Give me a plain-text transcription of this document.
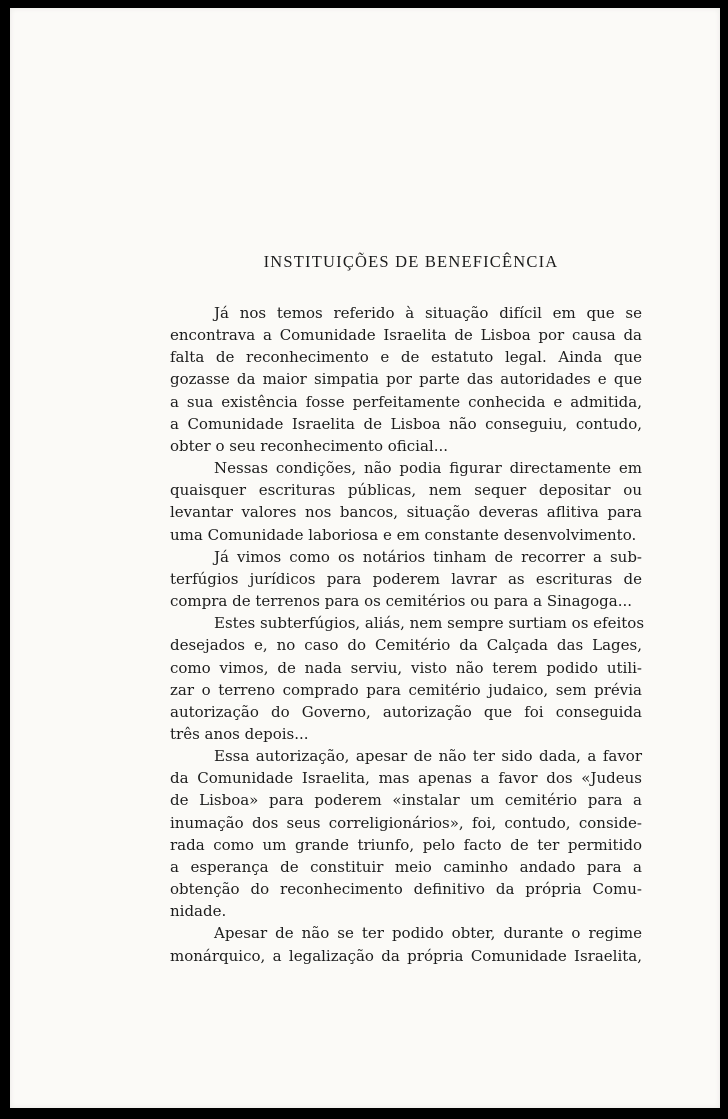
INSTITUIÇÕES DE BENEFICÊNCIA

Já nos temos referido à situação difícil em que se
encontrava a Comunidade Israelita de Lisboa por causa da
falta de reconhecimento e de estatuto legal. Ainda que
gozasse da maior simpatia por parte das autoridades e que
a sua existência fosse perfeitamente conhecida e admitida,
a Comunidade Israelita de Lisboa não conseguiu, contudo,
obter o seu reconhecimento oficial...

Nessas condições, não podia figurar directamente em
quaisquer escrituras públicas, nem sequer depositar ou
levantar valores nos bancos, situação deveras aflitiva para
uma Comunidade laboriosa e em constante desenvolvimento.

Já vimos como os notários tinham de recorrer a sub-
terfúgios jurídicos para poderem lavrar as escrituras de
compra de terrenos para os cemitérios ou para a Sinagoga...

Estes subterfúgios, aliás, nem sempre surtiam os efeitos
desejados e, no caso do Cemitério da Calçada das Lages,
como vimos, de nada serviu, visto não terem podido utili-
zar o terreno comprado para cemitério judaico, sem prévia
autorização do Governo, autorização que foi conseguida
três anos depois...

Essa autorização, apesar de não ter sido dada, a favor
da Comunidade Israelita, mas apenas a favor dos «Judeus
de Lisboa» para poderem «instalar um cemitério para a
inumação dos seus correligionários», foi, contudo, conside-
rada como um grande triunfo, pelo facto de ter permitido
a esperança de constituir meio caminho andado para a
obtenção do reconhecimento definitivo da própria Comu-
nidade.

Apesar de não se ter podido obter, durante o regime
monárquico, a legalização da própria Comunidade Israelita,
